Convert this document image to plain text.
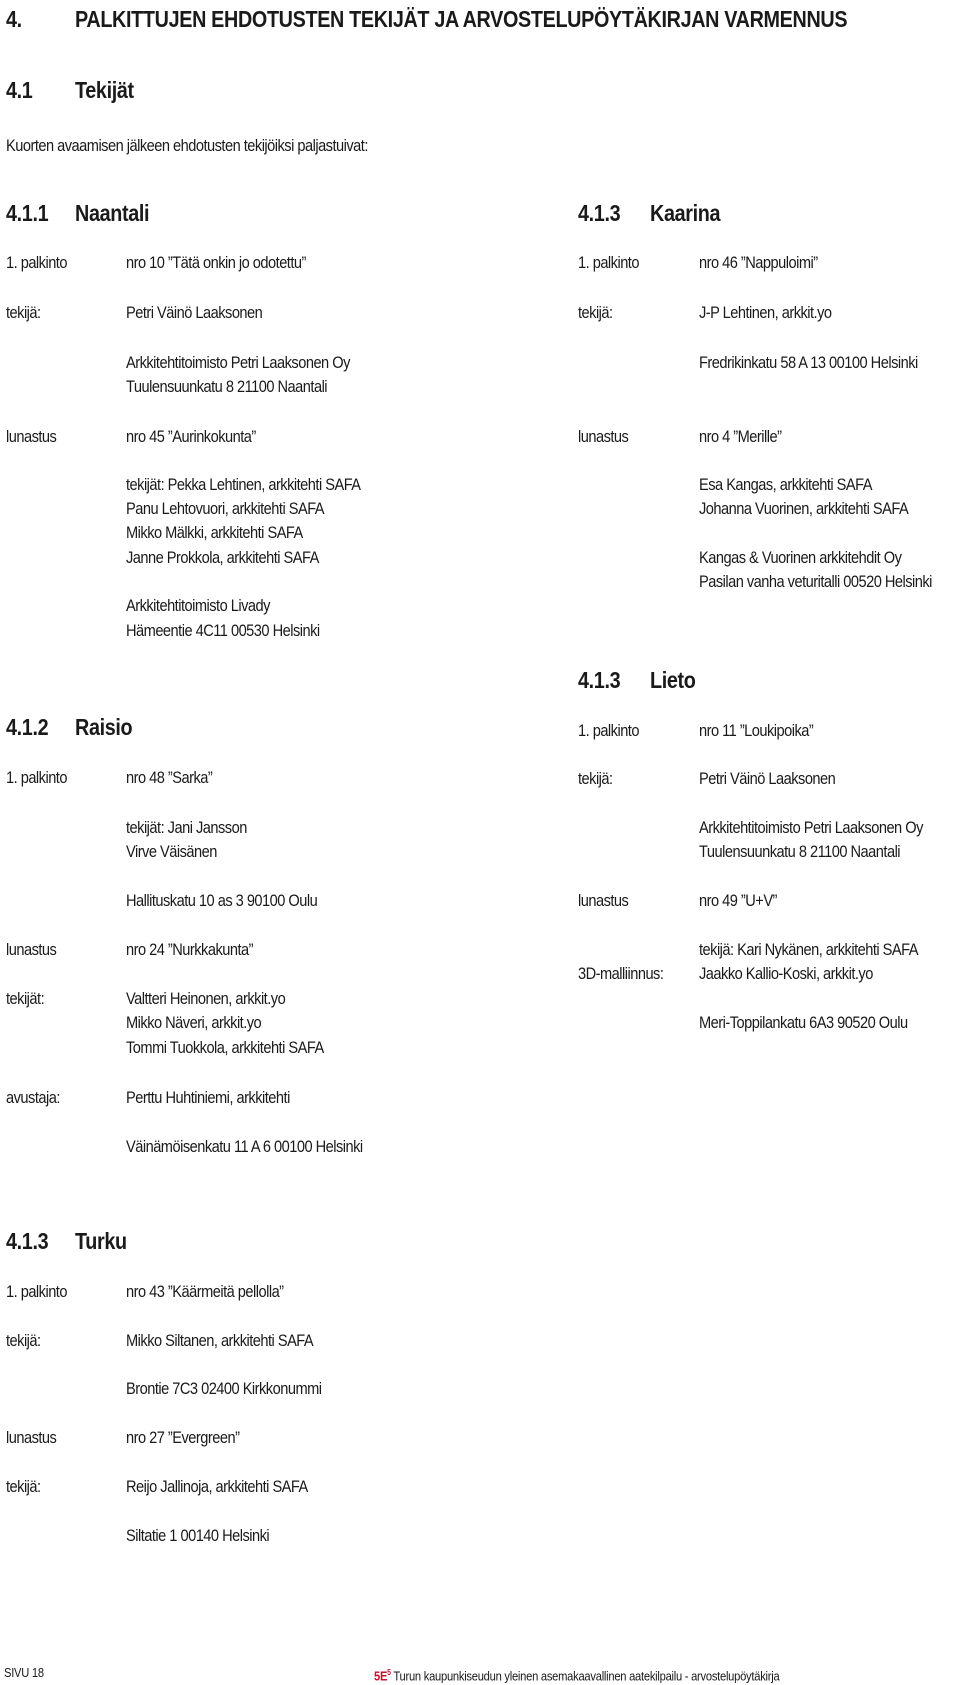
4. PALKITTUJEN EHDOTUSTEN TEKIJÄT JA ARVOSTELUPÖYTÄKIRJAN VARMENNUS
4.1 Tekijät
Kuorten avaamisen jälkeen ehdotusten tekijöiksi paljastuivat:
4.1.1 Naantali
1. palkinto	nro 10 ”Tätä onkin jo odotettu”
tekijä:	Petri Väinö Laaksonen
Arkkitehtitoimisto Petri Laaksonen Oy
Tuulensuunkatu 8 21100 Naantali
lunastus	nro 45 ”Aurinkokunta”
tekijät: Pekka Lehtinen, arkkitehti SAFA
Panu Lehtovuori, arkkitehti SAFA
Mikko Mälkki, arkkitehti SAFA
Janne Prokkola, arkkitehti SAFA
Arkkitehtitoimisto Livady
Hämeentie 4C11 00530 Helsinki
4.1.2 Raisio
1. palkinto	nro 48 ”Sarka”
tekijät: Jani Jansson
Virve Väisänen
Hallituskatu 10 as 3 90100 Oulu
lunastus	nro 24 ”Nurkkakunta”
tekijät:	Valtteri Heinonen, arkkit.yo
Mikko Näveri, arkkit.yo
Tommi Tuokkola, arkkitehti SAFA
avustaja:	Perttu Huhtiniemi, arkkitehti
Väinämöisenkatu 11 A 6 00100 Helsinki
4.1.3 Turku
1. palkinto	nro 43 ”Käärmeitä pellolla”
tekijä:	Mikko Siltanen, arkkitehti SAFA
Brontie 7C3 02400 Kirkkonummi
lunastus	nro 27 ”Evergreen”
tekijä:	Reijo Jallinoja, arkkitehti SAFA
Siltatie 1 00140 Helsinki
4.1.3 Kaarina
1. palkinto	nro 46 ”Nappuloimi”
tekijä:	J-P Lehtinen, arkkit.yo
Fredrikinkatu 58 A 13 00100 Helsinki
lunastus	nro 4 ”Merille”
Esa Kangas, arkkitehti SAFA
Johanna Vuorinen, arkkitehti SAFA
Kangas & Vuorinen arkkitehdit Oy
Pasilan vanha veturitalli 00520 Helsinki
4.1.3 Lieto
1. palkinto	nro 11 ”Loukipoika”
tekijä:	Petri Väinö Laaksonen
Arkkitehtitoimisto Petri Laaksonen Oy
Tuulensuunkatu 8 21100 Naantali
lunastus	nro 49 ”U+V”
tekijä: Kari Nykänen, arkkitehti SAFA
3D-malliinnus: Jaakko Kallio-Koski, arkkit.yo
Meri-Toppilankatu 6A3 90520 Oulu
SIVU 18	$5E^5$ Turun kaupunkiseudun yleinen asemakaavallinen aatekilpailu - arvostelupöytäkirja
